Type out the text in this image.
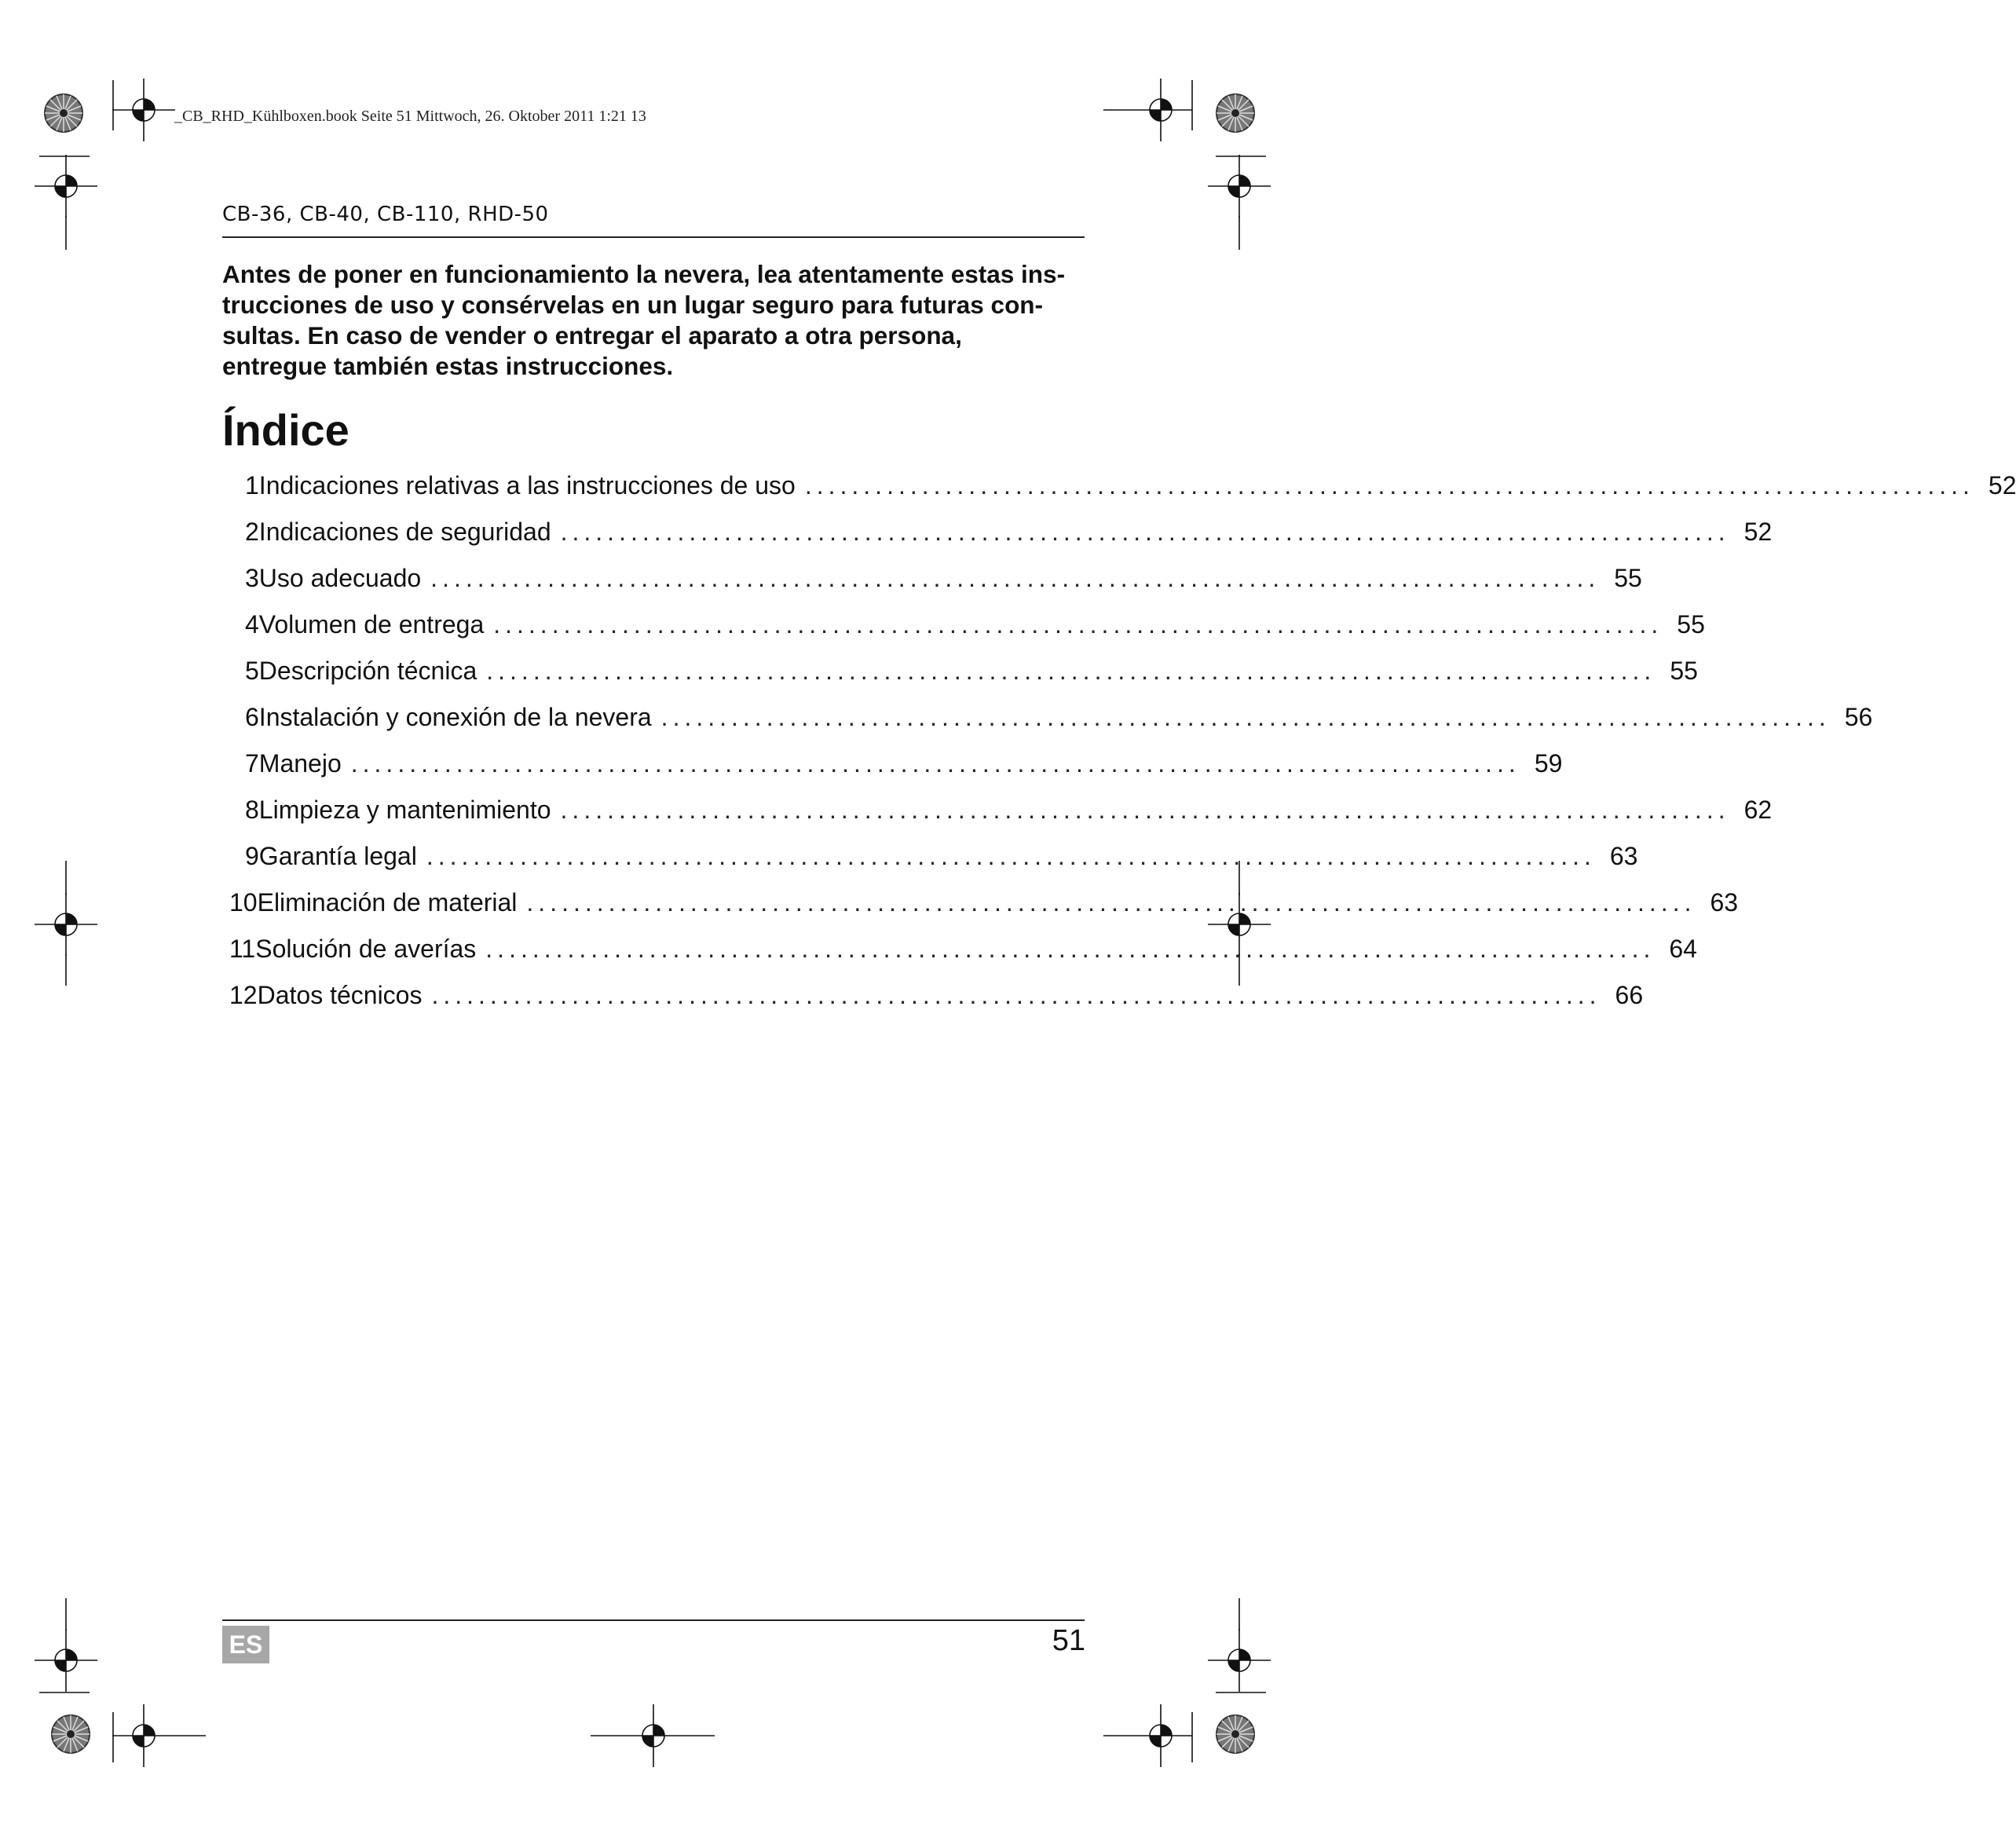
_CB_RHD_Kühlboxen.book Seite 51 Mittwoch, 26. Oktober 2011 1:21 13
CB-36, CB-40, CB-110, RHD-50

Antes de poner en funcionamiento la nevera, lea atentamente estas ins-

trucciones de uso y consérvelas en un lugar seguro para futuras con-

sultas. En caso de vender o entregar el aparato a otra persona,

entregue también estas instrucciones.

Índice
1 Indicaciones relativas a las instrucciones de uso .................................................................................................... 52
2 Indicaciones de seguridad .................................................................................................... 52
3 Uso adecuado .................................................................................................... 55
4 Volumen de entrega .................................................................................................... 55
5 Descripción técnica .................................................................................................... 55
6 Instalación y conexión de la nevera .................................................................................................... 56
7 Manejo .................................................................................................... 59
8 Limpieza y mantenimiento .................................................................................................... 62
9 Garantía legal .................................................................................................... 63
10 Eliminación de material .................................................................................................... 63
11 Solución de averías .................................................................................................... 64
12 Datos técnicos .................................................................................................... 66
ES	51
